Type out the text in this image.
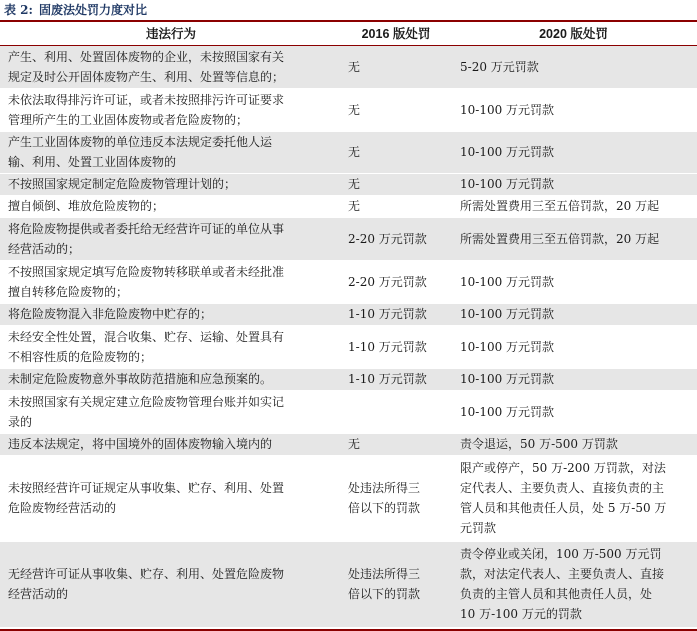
表 2: 固废法处罚力度对比
违法行为	2016 版处罚	2020 版处罚

产生、利用、处置固体废物的企业，未按照国家有关
规定及时公开固体废物产生、利用、处置等信息的；	无	5-20 万元罚款

未依法取得排污许可证，或者未按照排污许可证要求
管理所产生的工业固体废物或者危险废物的；	无	10-100 万元罚款

产生工业固体废物的单位违反本法规定委托他人运
输、利用、处置工业固体废物的	无	10-100 万元罚款

不按照国家规定制定危险废物管理计划的；	无	10-100 万元罚款

擅自倾倒、堆放危险废物的；	无	所需处置费用三至五倍罚款，20 万起

将危险废物提供或者委托给无经营许可证的单位从事
经营活动的；	2-20 万元罚款	所需处置费用三至五倍罚款，20 万起

不按照国家规定填写危险废物转移联单或者未经批准
擅自转移危险废物的；	2-20 万元罚款	10-100 万元罚款

将危险废物混入非危险废物中贮存的；	1-10 万元罚款	10-100 万元罚款

未经安全性处置，混合收集、贮存、运输、处置具有
不相容性质的危险废物的；	1-10 万元罚款	10-100 万元罚款

未制定危险废物意外事故防范措施和应急预案的。	1-10 万元罚款	10-100 万元罚款

未按照国家有关规定建立危险废物管理台账并如实记
录的		10-100 万元罚款

违反本法规定，将中国境外的固体废物输入境内的	无	责令退运，50 万-500 万罚款

未按照经营许可证规定从事收集、贮存、利用、处置
危险废物经营活动的	处违法所得三
倍以下的罚款	限产或停产，50 万-200 万罚款，对法
定代表人、主要负责人、直接负责的主
管人员和其他责任人员，处 5 万-50 万
元罚款

无经营许可证从事收集、贮存、利用、处置危险废物
经营活动的	处违法所得三
倍以下的罚款	责令停业或关闭，100 万-500 万元罚
款，对法定代表人、主要负责人、直接
负责的主管人员和其他责任人员，处
10 万-100 万元的罚款
